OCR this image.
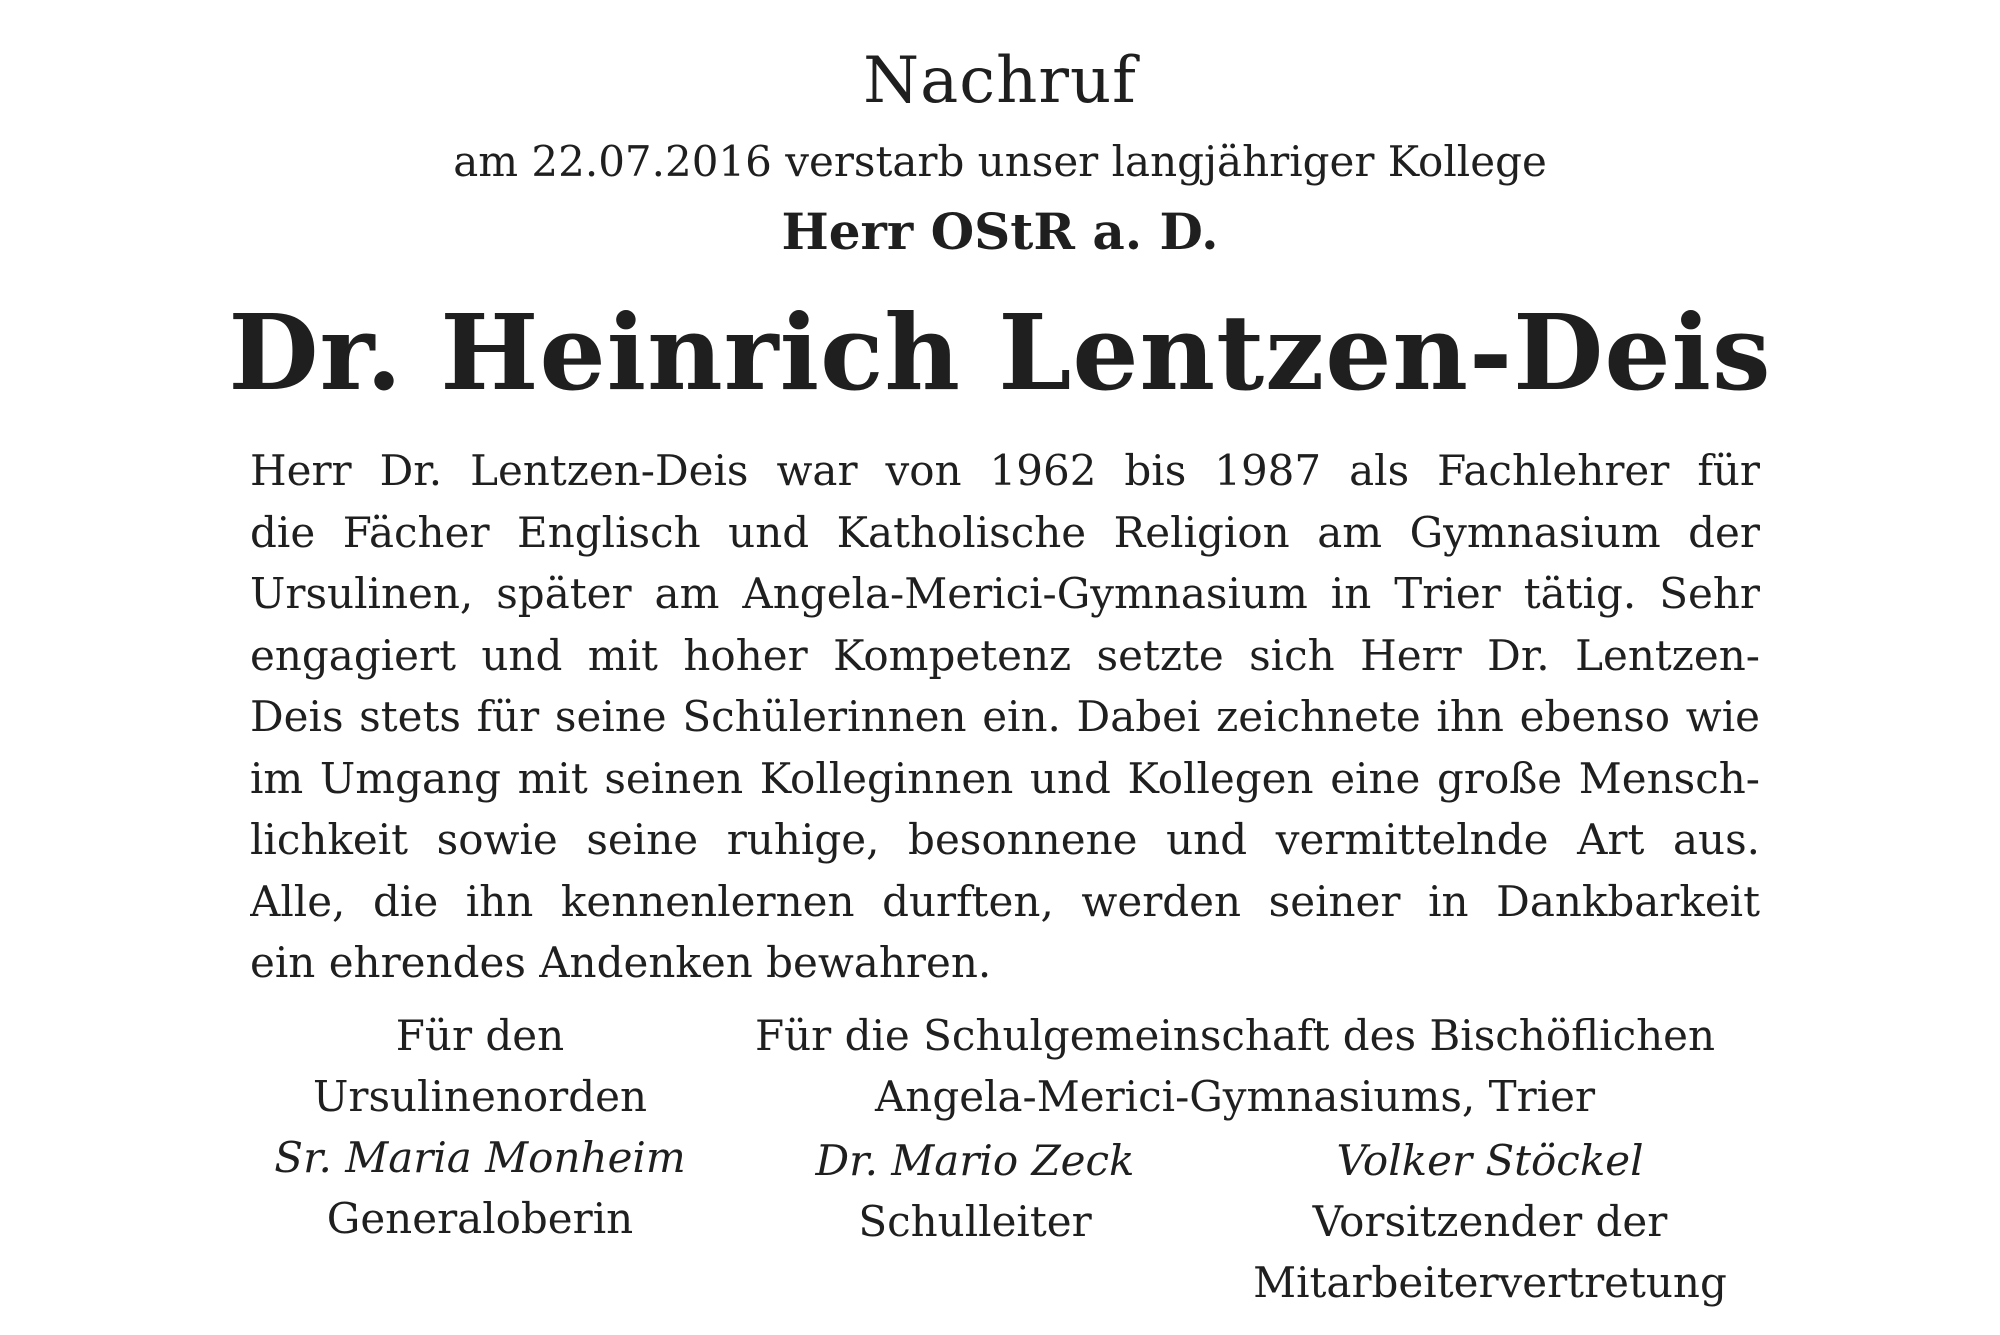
Nachruf
am 22.07.2016 verstarb unser langjähriger Kollege
Herr OStR a. D.
Dr. Heinrich Lentzen-Deis
Herr Dr. Lentzen-Deis war von 1962 bis 1987 als Fachlehrer für
die Fächer Englisch und Katholische Religion am Gymnasium der
Ursulinen, später am Angela-Merici-Gymnasium in Trier tätig. Sehr
engagiert und mit hoher Kompetenz setzte sich Herr Dr. Lentzen-
Deis stets für seine Schülerinnen ein. Dabei zeichnete ihn ebenso wie
im Umgang mit seinen Kolleginnen und Kollegen eine große Mensch-
lichkeit sowie seine ruhige, besonnene und vermittelnde Art aus.
Alle, die ihn kennenlernen durften, werden seiner in Dankbarkeit
ein ehrendes Andenken bewahren.
Für den
Ursulinenorden
Sr. Maria Monheim
Generaloberin
Für die Schulgemeinschaft des Bischöflichen
Angela-Merici-Gymnasiums, Trier
Dr. Mario Zeck
Schulleiter
Volker Stöckel
Vorsitzender der
Mitarbeitervertretung
